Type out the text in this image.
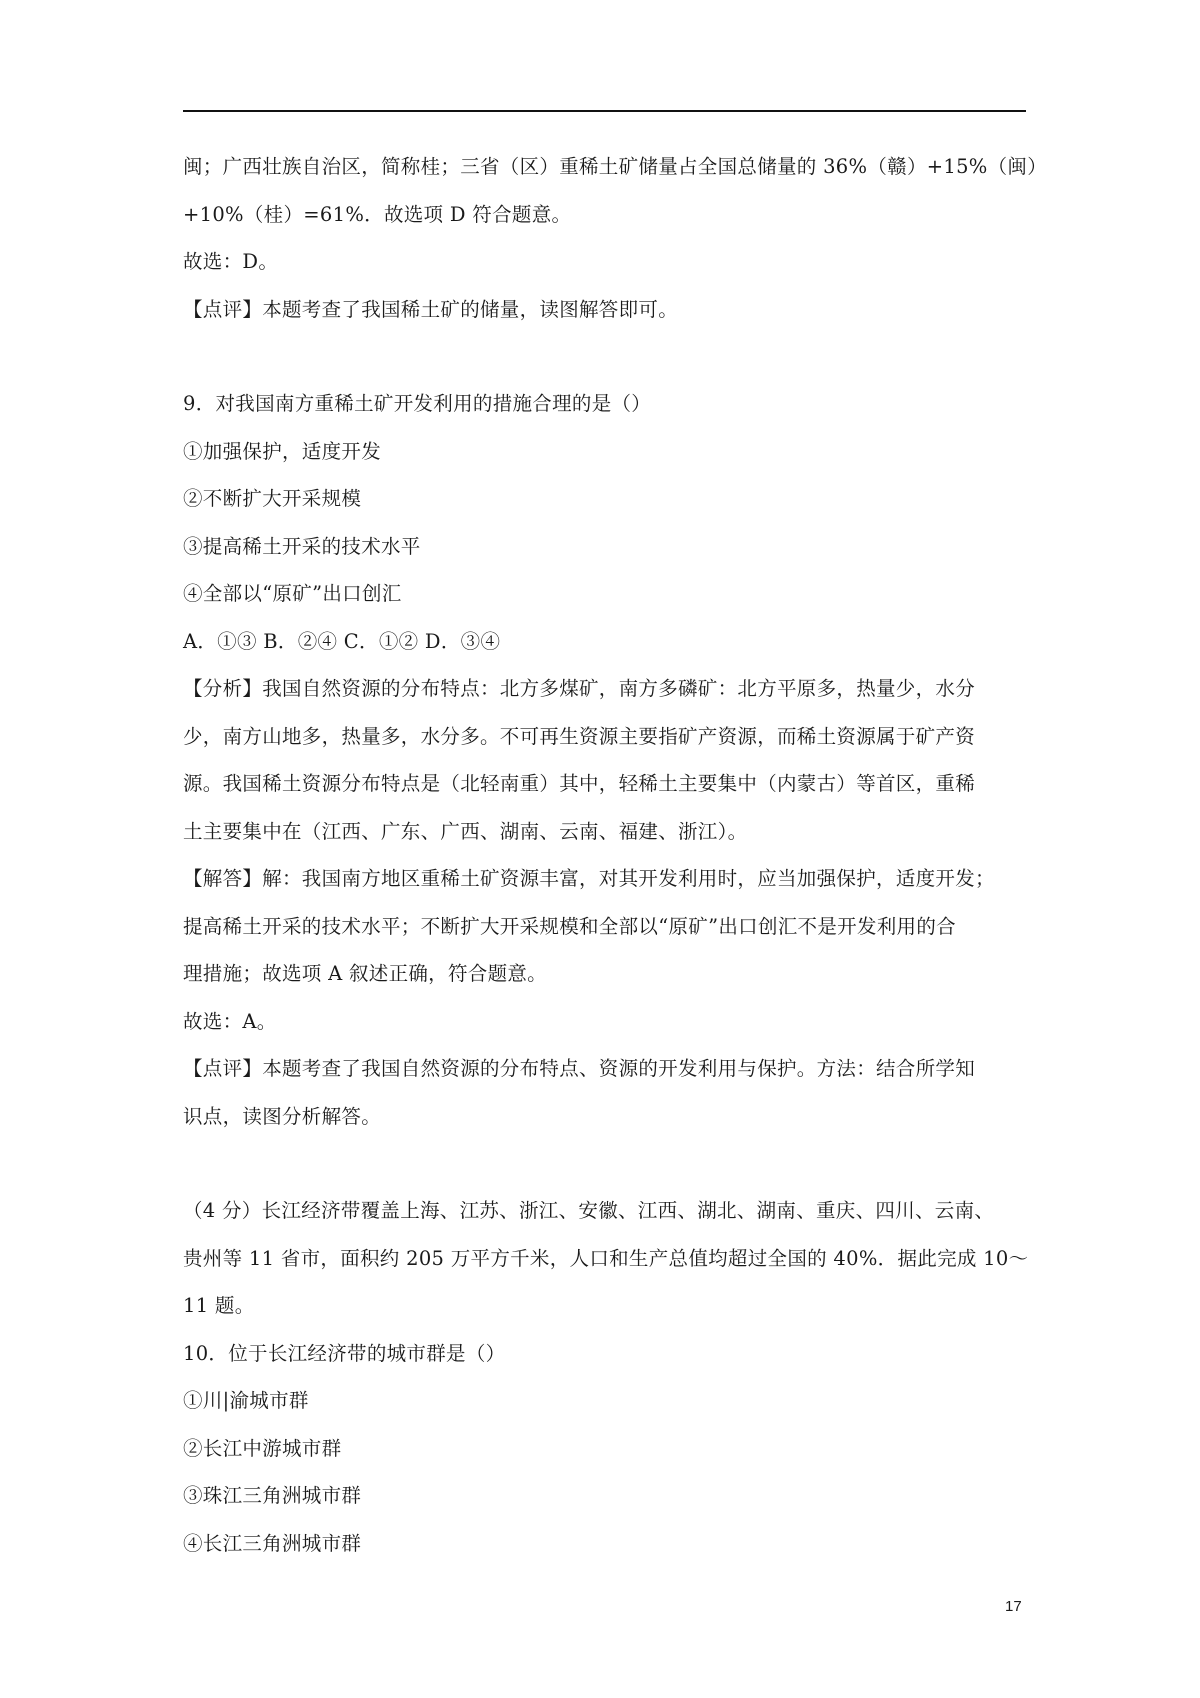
闽；广西壮族自治区，简称桂；三省（区）重稀土矿储量占全国总储量的 36%（赣）+15%（闽）
+10%（桂）=61%．故选项 D 符合题意。
故选：D。
【点评】本题考查了我国稀土矿的储量，读图解答即可。
9．对我国南方重稀土矿开发利用的措施合理的是（）
①加强保护，适度开发
②不断扩大开采规模
③提高稀土开采的技术水平
④全部以“原矿”出口创汇
A．①③ B．②④ C．①② D．③④
【分析】我国自然资源的分布特点：北方多煤矿，南方多磷矿：北方平原多，热量少，水分
少，南方山地多，热量多，水分多。不可再生资源主要指矿产资源，而稀土资源属于矿产资
源。我国稀土资源分布特点是（北轻南重）其中，轻稀土主要集中（内蒙古）等首区，重稀
土主要集中在（江西、广东、广西、湖南、云南、福建、浙江）。
【解答】解：我国南方地区重稀土矿资源丰富，对其开发利用时，应当加强保护，适度开发；
提高稀土开采的技术水平；不断扩大开采规模和全部以“原矿”出口创汇不是开发利用的合
理措施；故选项 A 叙述正确，符合题意。
故选：A。
【点评】本题考查了我国自然资源的分布特点、资源的开发利用与保护。方法：结合所学知
识点，读图分析解答。
（4 分）长江经济带覆盖上海、江苏、浙江、安徽、江西、湖北、湖南、重庆、四川、云南、
贵州等 11 省市，面积约 205 万平方千米，人口和生产总值均超过全国的 40%．据此完成 10～
11 题。
10．位于长江经济带的城市群是（）
①川|渝城市群
②长江中游城市群
③珠江三角洲城市群
④长江三角洲城市群
17
